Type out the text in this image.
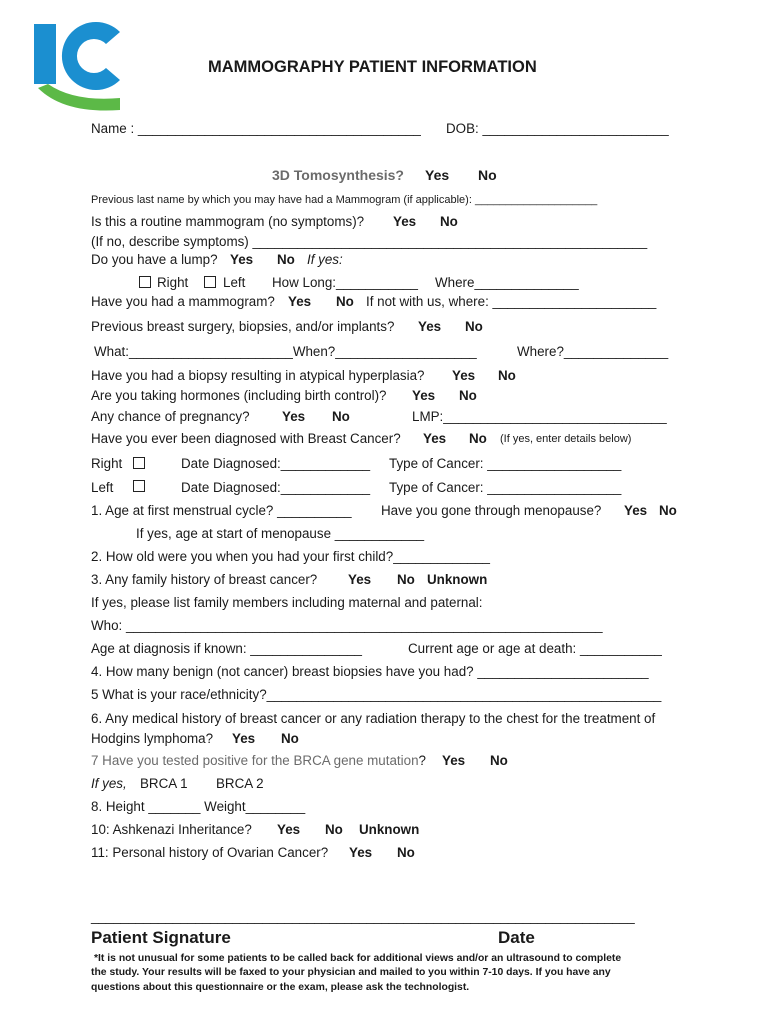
MAMMOGRAPHY PATIENT INFORMATION
Name : ______________________________________ DOB: _________________________
3D Tomosynthesis? Yes No
Previous last name by which you may have had a Mammogram (if applicable): ____________________
Is this a routine mammogram (no symptoms)? Yes No
(If no, describe symptoms) _____________________________________________________
Do you have a lump? Yes No If yes:
Right	Left How Long:___________ Where______________
Have you had a mammogram? Yes No If not with us, where: ______________________
Previous breast surgery, biopsies, and/or implants? Yes No
What:______________________When?___________________	Where?______________
Have you had a biopsy resulting in atypical hyperplasia? Yes No
Are you taking hormones (including birth control)? Yes No
Any chance of pregnancy? Yes No	LMP:______________________________
Have you ever been diagnosed with Breast Cancer? Yes No (If yes, enter details below)
Right	Date Diagnosed:____________ Type of Cancer: __________________
Left	Date Diagnosed:____________ Type of Cancer: __________________
1. Age at first menstrual cycle? __________ Have you gone through menopause? Yes No
If yes, age at start of menopause ____________
2. How old were you when you had your first child?_____________
3. Any family history of breast cancer? Yes No Unknown
If yes, please list family members including maternal and paternal:
Who: ________________________________________________________________
Age at diagnosis if known: _______________	Current age or age at death: ___________
4. How many benign (not cancer) breast biopsies have you had? _______________________
5 What is your race/ethnicity?_____________________________________________________
6. Any medical history of breast cancer or any radiation therapy to the chest for the treatment of
Hodgins lymphoma? Yes No
7 Have you tested positive for the BRCA gene mutation? Yes No
If yes, BRCA 1 BRCA 2
8. Height _______ Weight________
10: Ashkenazi Inheritance? Yes No Unknown
11: Personal history of Ovarian Cancer? Yes No
_________________________________________________________________________
Patient Signature	Date
*It is not unusual for some patients to be called back for additional views and/or an ultrasound to complete
the study. Your results will be faxed to your physician and mailed to you within 7-10 days. If you have any
questions about this questionnaire or the exam, please ask the technologist.
